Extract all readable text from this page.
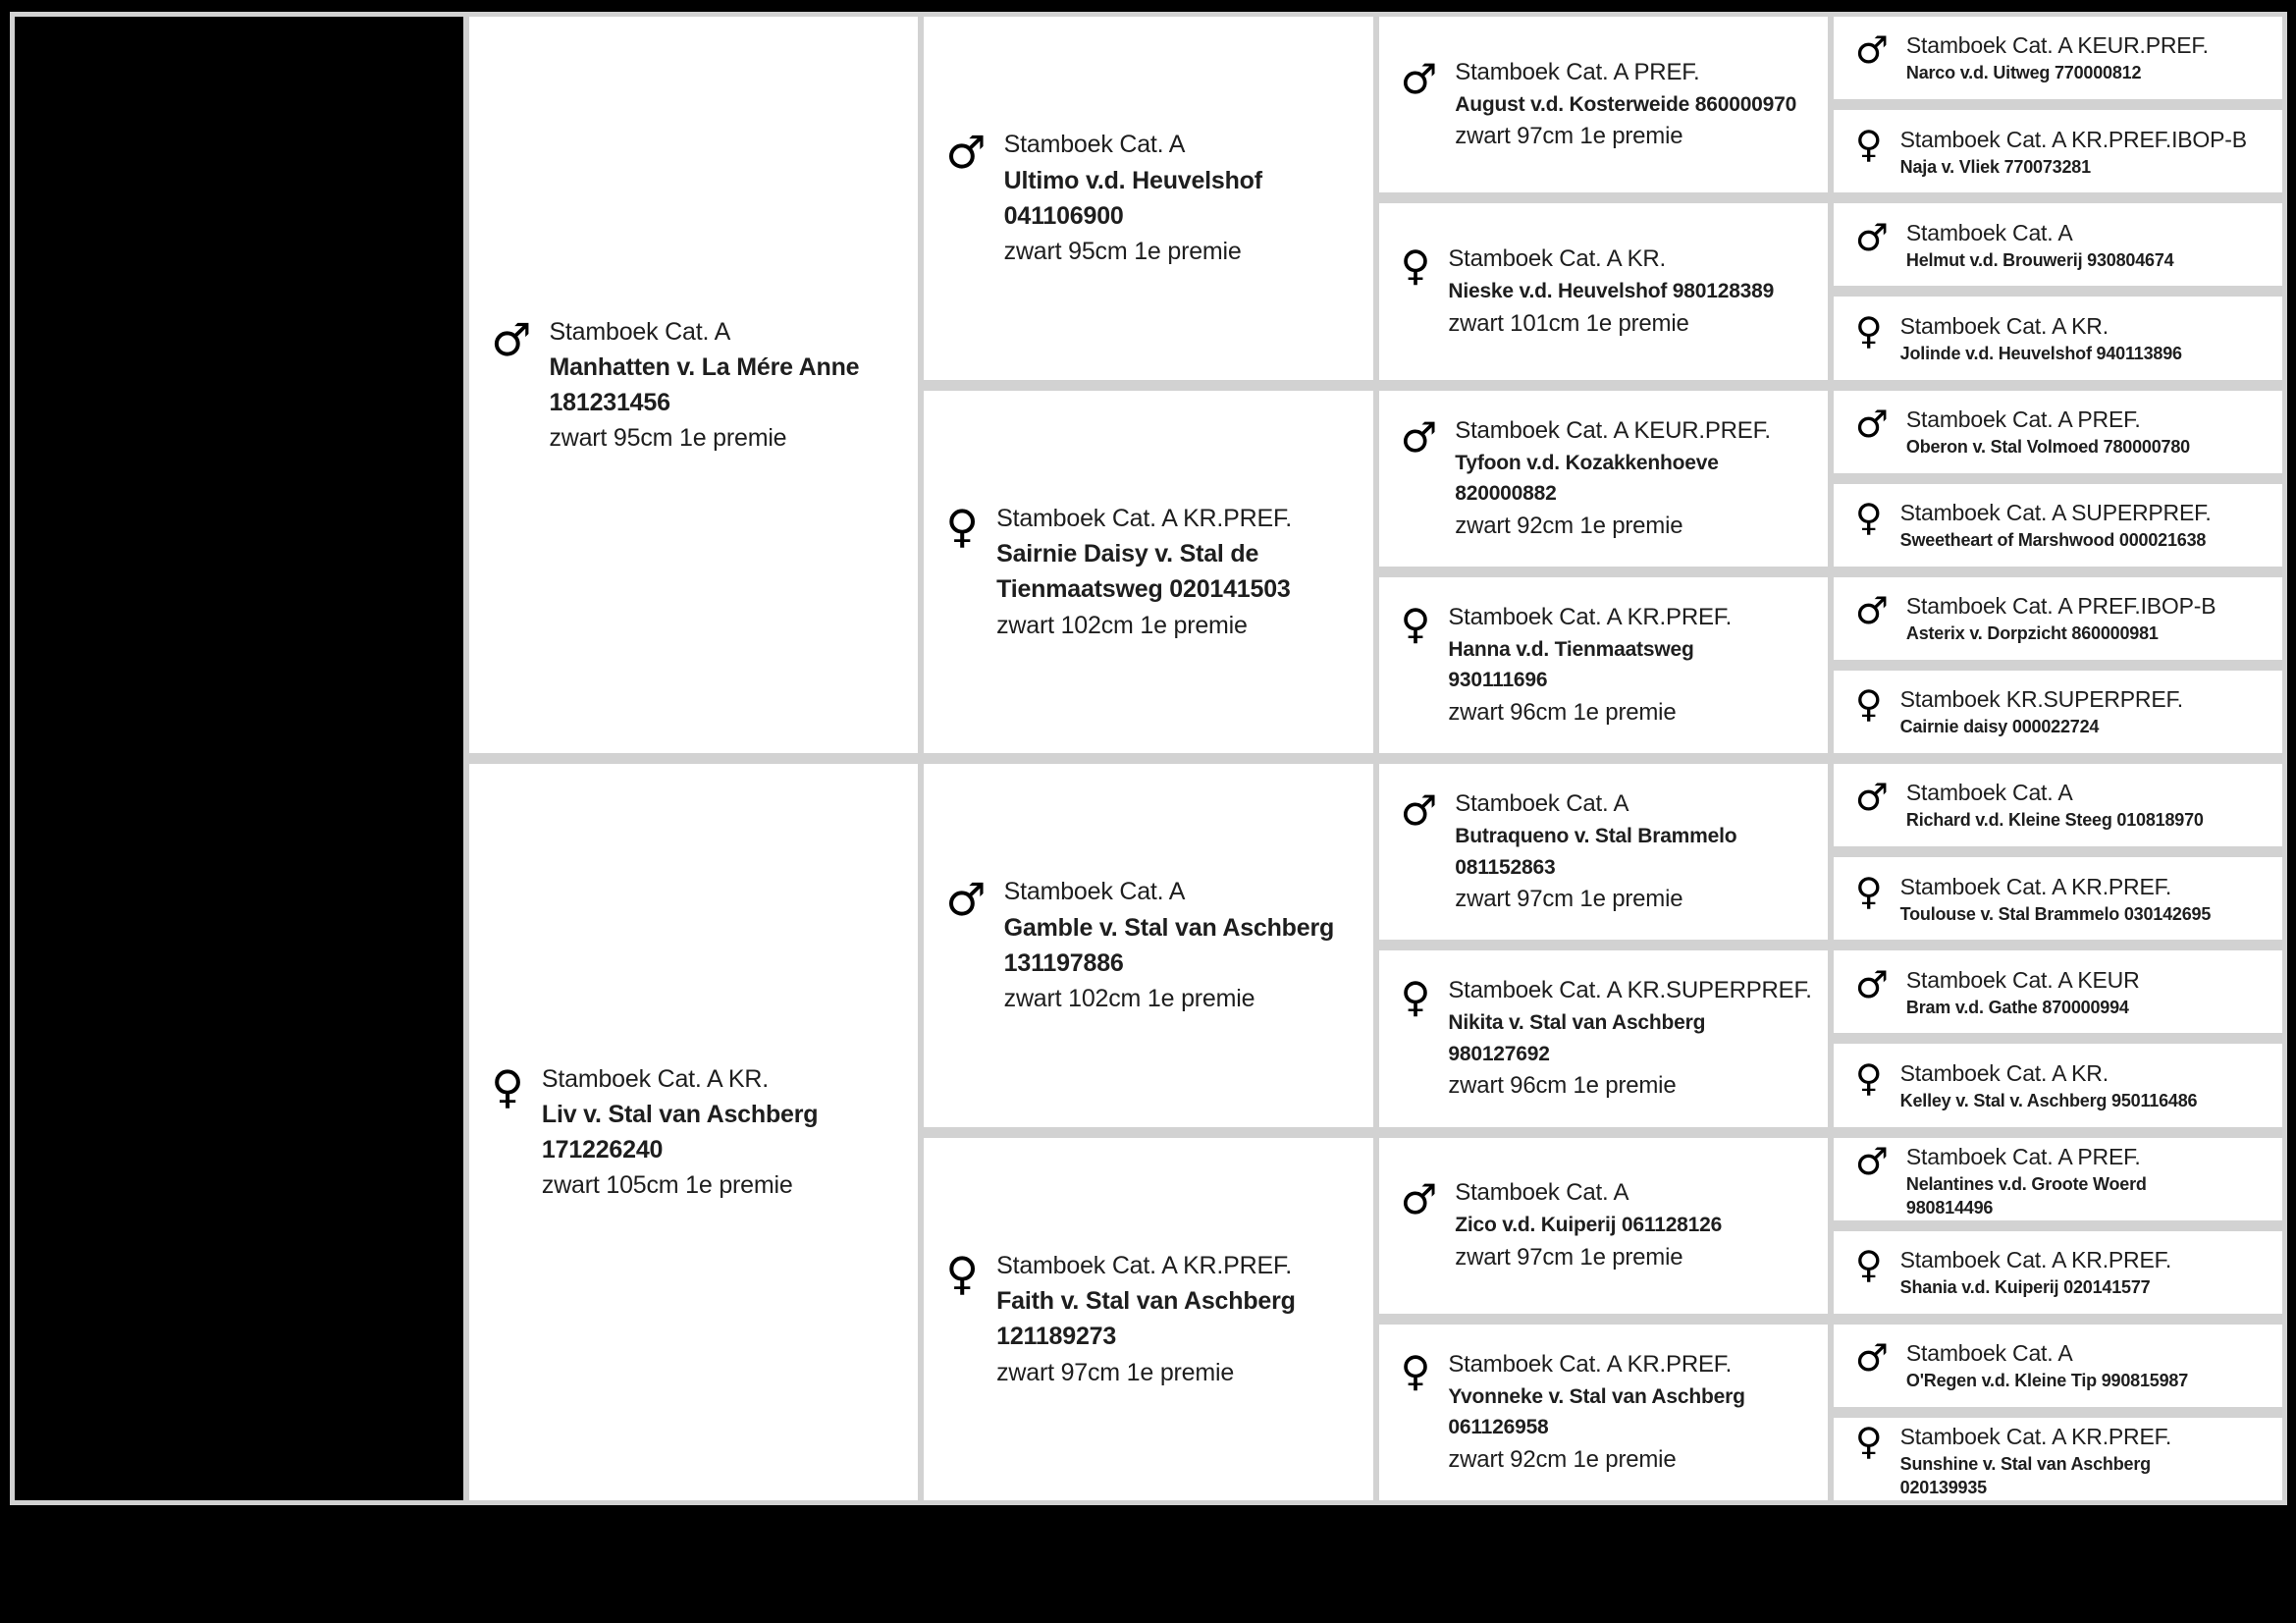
♂ Stamboek Cat. A
Manhatten v. La Mére Anne
181231456
zwart 95cm 1e premie
♀ Stamboek Cat. A KR.
Liv v. Stal van Aschberg
171226240
zwart 105cm 1e premie
♂ Stamboek Cat. A
Ultimo v.d. Heuvelshof
041106900
zwart 95cm 1e premie
♀ Stamboek Cat. A KR.PREF.
Sairnie Daisy v. Stal de
Tienmaatsweg 020141503
zwart 102cm 1e premie
♂ Stamboek Cat. A
Gamble v. Stal van Aschberg
131197886
zwart 102cm 1e premie
♀ Stamboek Cat. A KR.PREF.
Faith v. Stal van Aschberg
121189273
zwart 97cm 1e premie
♂ Stamboek Cat. A PREF.
August v.d. Kosterweide 860000970
zwart 97cm 1e premie
♀ Stamboek Cat. A KR.
Nieske v.d. Heuvelshof 980128389
zwart 101cm 1e premie
♂ Stamboek Cat. A KEUR.PREF.
Tyfoon v.d. Kozakkenhoeve
820000882
zwart 92cm 1e premie
♀ Stamboek Cat. A KR.PREF.
Hanna v.d. Tienmaatsweg
930111696
zwart 96cm 1e premie
♂ Stamboek Cat. A
Butraqueno v. Stal Brammelo
081152863
zwart 97cm 1e premie
♀ Stamboek Cat. A KR.SUPERPREF.
Nikita v. Stal van Aschberg
980127692
zwart 96cm 1e premie
♂ Stamboek Cat. A
Zico v.d. Kuiperij 061128126
zwart 97cm 1e premie
♀ Stamboek Cat. A KR.PREF.
Yvonneke v. Stal van Aschberg
061126958
zwart 92cm 1e premie
♂ Stamboek Cat. A KEUR.PREF.
Narco v.d. Uitweg 770000812
♀ Stamboek Cat. A KR.PREF.IBOP-B
Naja v. Vliek 770073281
♂ Stamboek Cat. A
Helmut v.d. Brouwerij 930804674
♀ Stamboek Cat. A KR.
Jolinde v.d. Heuvelshof 940113896
♂ Stamboek Cat. A PREF.
Oberon v. Stal Volmoed 780000780
♀ Stamboek Cat. A SUPERPREF.
Sweetheart of Marshwood 000021638
♂ Stamboek Cat. A PREF.IBOP-B
Asterix v. Dorpzicht 860000981
♀ Stamboek KR.SUPERPREF.
Cairnie daisy 000022724
♂ Stamboek Cat. A
Richard v.d. Kleine Steeg 010818970
♀ Stamboek Cat. A KR.PREF.
Toulouse v. Stal Brammelo 030142695
♂ Stamboek Cat. A KEUR
Bram v.d. Gathe 870000994
♀ Stamboek Cat. A KR.
Kelley v. Stal v. Aschberg 950116486
♂ Stamboek Cat. A PREF.
Nelantines v.d. Groote Woerd
980814496
♀ Stamboek Cat. A KR.PREF.
Shania v.d. Kuiperij 020141577
♂ Stamboek Cat. A
O'Regen v.d. Kleine Tip 990815987
♀ Stamboek Cat. A KR.PREF.
Sunshine v. Stal van Aschberg
020139935
